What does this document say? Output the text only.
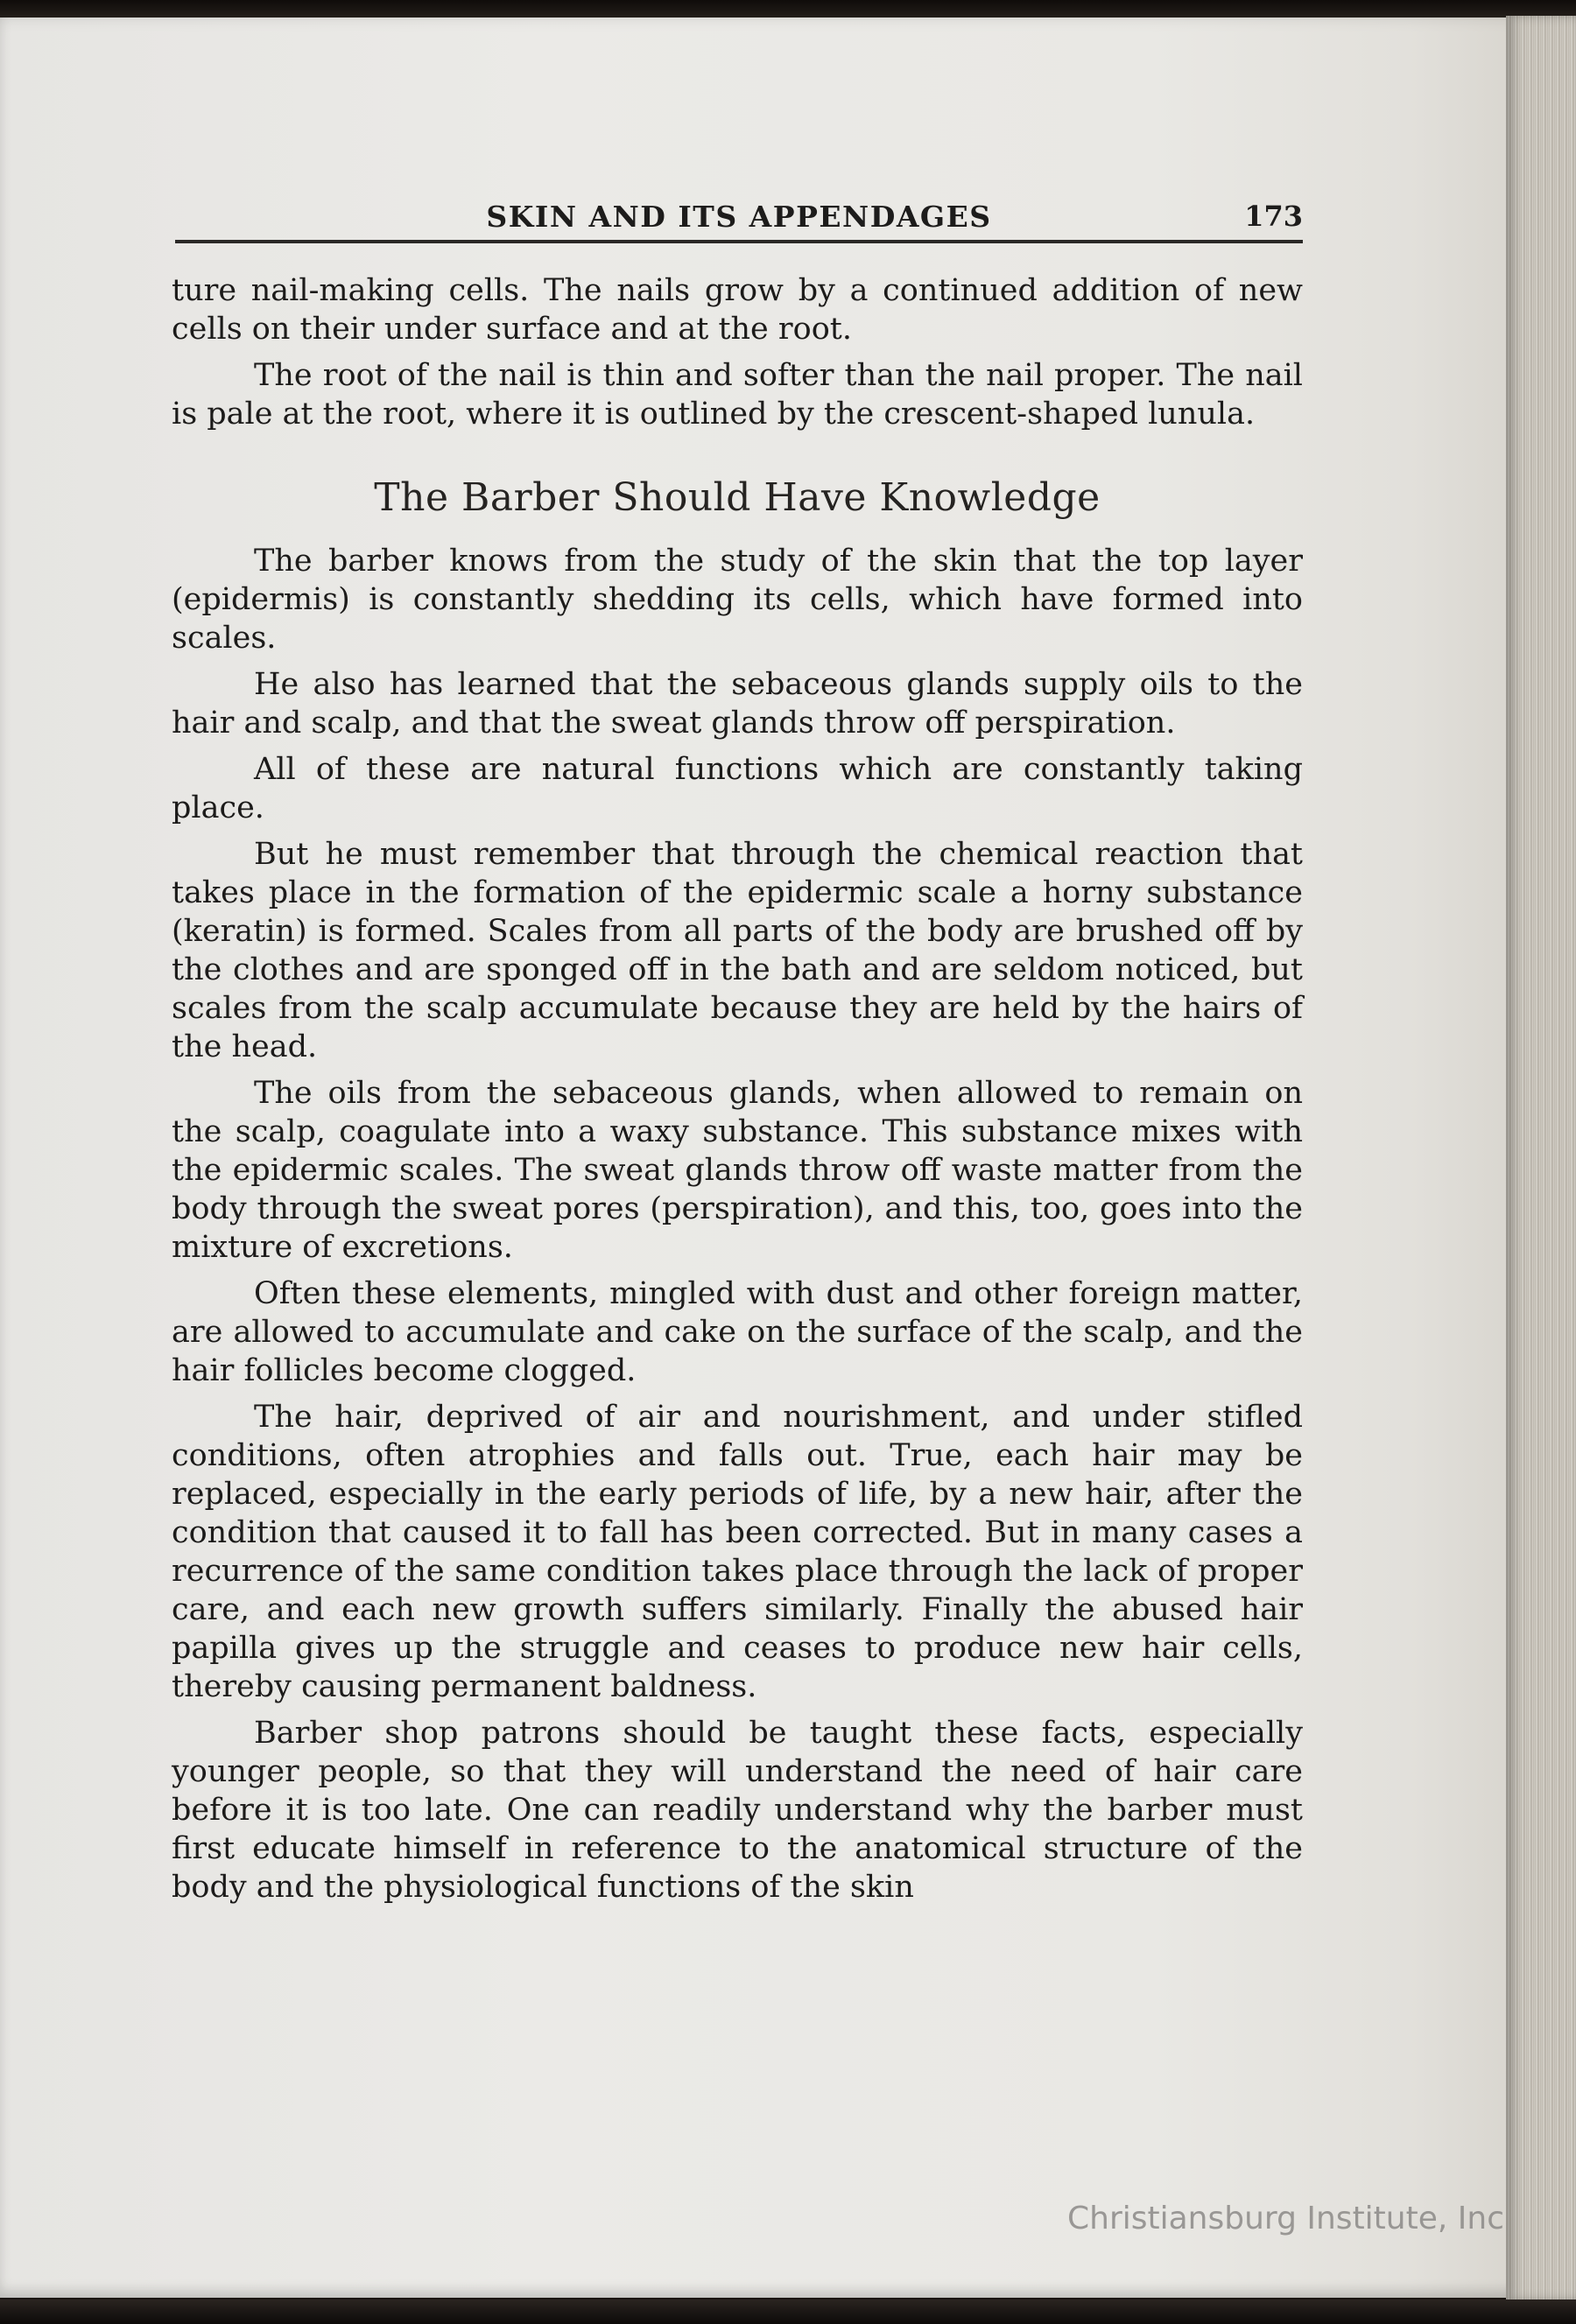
SKIN AND ITS APPENDAGES	173

ture nail-making cells. The nails grow by a continued addition of new cells on their under surface and at the root.

The root of the nail is thin and softer than the nail proper. The nail is pale at the root, where it is outlined by the crescent-shaped lunula.

The Barber Should Have Knowledge

The barber knows from the study of the skin that the top layer (epidermis) is constantly shedding its cells, which have formed into scales.

He also has learned that the sebaceous glands supply oils to the hair and scalp, and that the sweat glands throw off perspiration.

All of these are natural functions which are constantly taking place.

But he must remember that through the chemical reaction that takes place in the formation of the epidermic scale a horny substance (keratin) is formed. Scales from all parts of the body are brushed off by the clothes and are sponged off in the bath and are seldom noticed, but scales from the scalp accumulate because they are held by the hairs of the head.

The oils from the sebaceous glands, when allowed to remain on the scalp, coagulate into a waxy substance. This substance mixes with the epidermic scales. The sweat glands throw off waste matter from the body through the sweat pores (perspiration), and this, too, goes into the mixture of excretions.

Often these elements, mingled with dust and other foreign matter, are allowed to accumulate and cake on the surface of the scalp, and the hair follicles become clogged.

The hair, deprived of air and nourishment, and under stifled conditions, often atrophies and falls out. True, each hair may be replaced, especially in the early periods of life, by a new hair, after the condition that caused it to fall has been corrected. But in many cases a recurrence of the same condition takes place through the lack of proper care, and each new growth suffers similarly. Finally the abused hair papilla gives up the struggle and ceases to produce new hair cells, thereby causing permanent baldness.

Barber shop patrons should be taught these facts, especially younger people, so that they will understand the need of hair care before it is too late. One can readily understand why the barber must first educate himself in reference to the anatomical structure of the body and the physiological functions of the skin

Christiansburg Institute, Inc
